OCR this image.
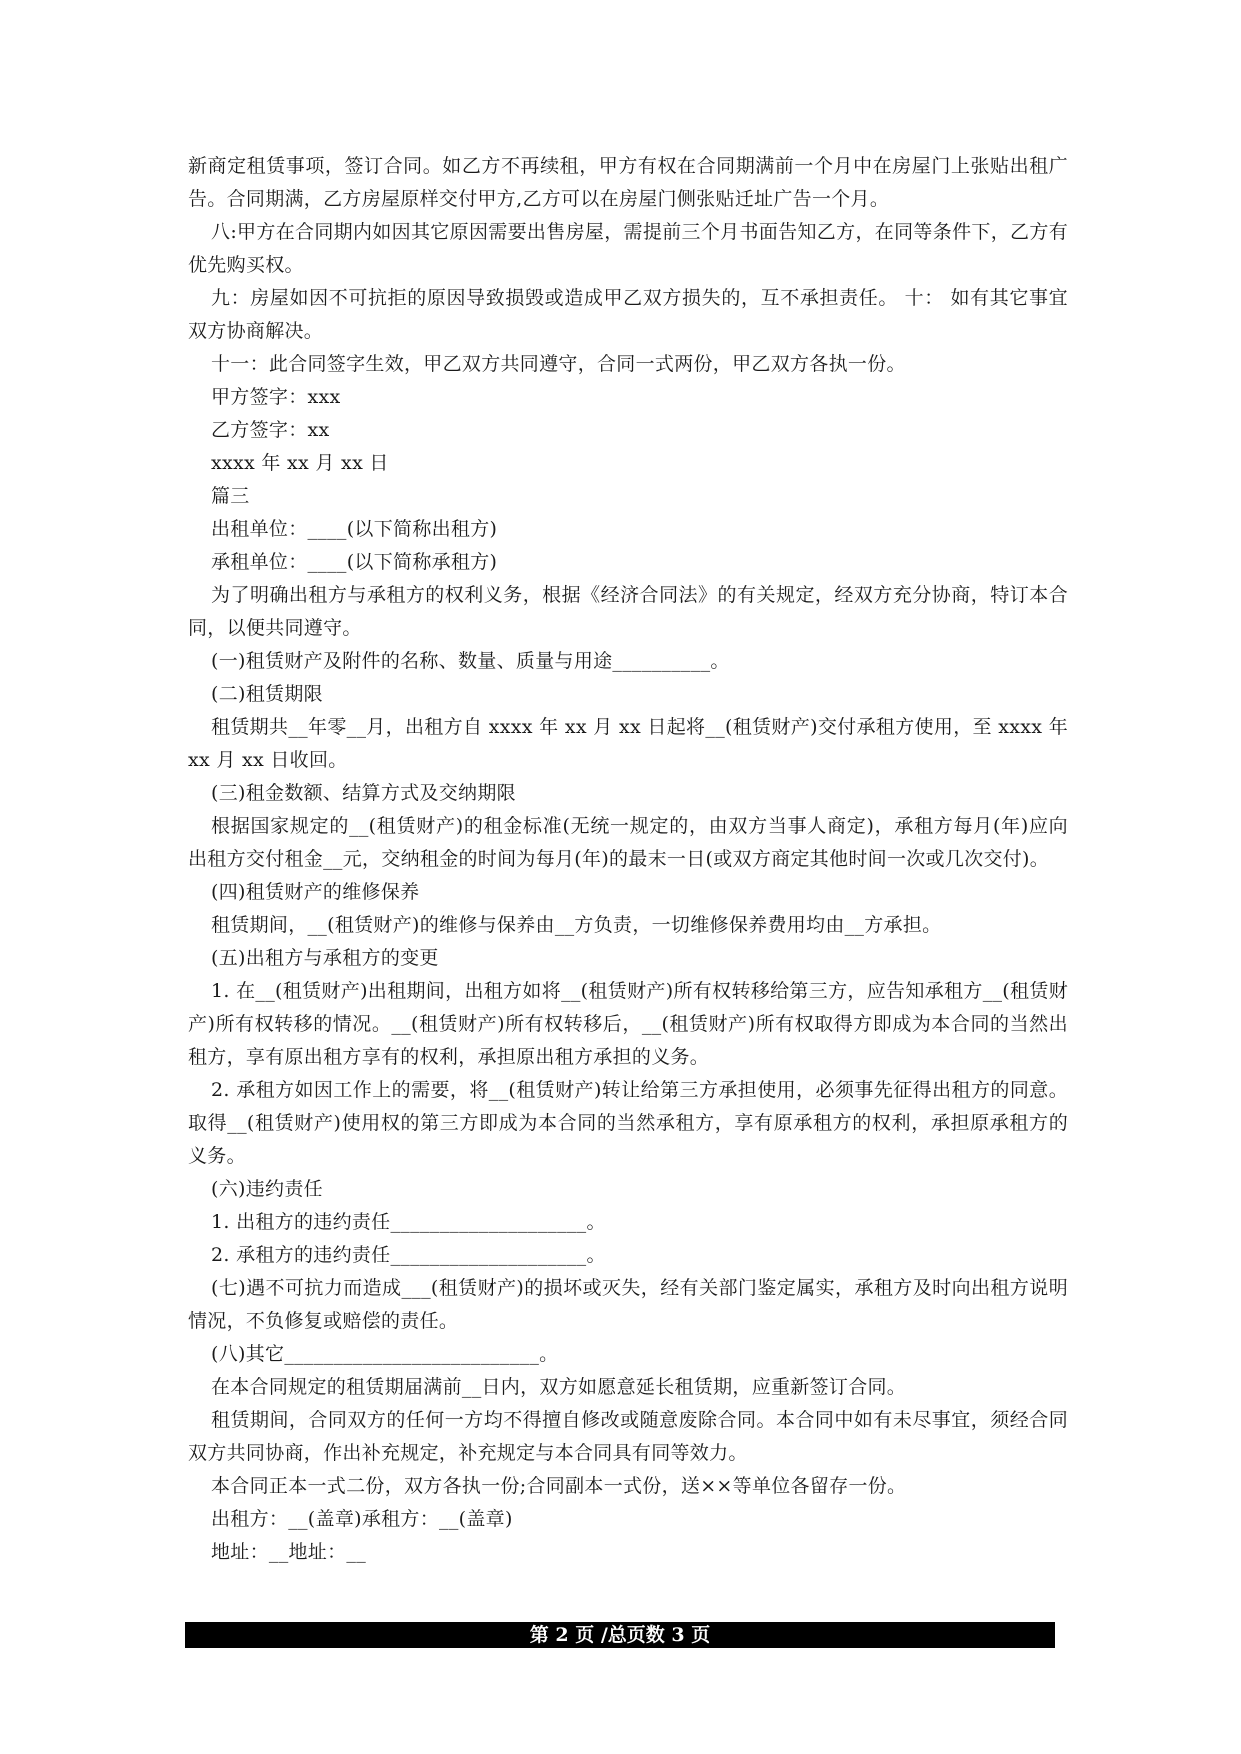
新商定租赁事项，签订合同。如乙方不再续租，甲方有权在合同期满前一个月中在房屋门上张贴出租广告。合同期满，乙方房屋原样交付甲方,乙方可以在房屋门侧张贴迁址广告一个月。

八:甲方在合同期内如因其它原因需要出售房屋，需提前三个月书面告知乙方，在同等条件下，乙方有优先购买权。

九：房屋如因不可抗拒的原因导致损毁或造成甲乙双方损失的，互不承担责任。 十： 如有其它事宜双方协商解决。

十一：此合同签字生效，甲乙双方共同遵守，合同一式两份，甲乙双方各执一份。

甲方签字：xxx

乙方签字：xx

xxxx 年 xx 月 xx 日

篇三

出租单位：____(以下简称出租方)

承租单位：____(以下简称承租方)

为了明确出租方与承租方的权利义务，根据《经济合同法》的有关规定，经双方充分协商，特订本合同，以便共同遵守。

(一)租赁财产及附件的名称、数量、质量与用途__________。

(二)租赁期限

租赁期共__年零__月，出租方自 xxxx 年 xx 月 xx 日起将__(租赁财产)交付承租方使用，至 xxxx 年 xx 月 xx 日收回。

(三)租金数额、结算方式及交纳期限

根据国家规定的__(租赁财产)的租金标准(无统一规定的，由双方当事人商定)，承租方每月(年)应向出租方交付租金__元，交纳租金的时间为每月(年)的最末一日(或双方商定其他时间一次或几次交付)。

(四)租赁财产的维修保养

租赁期间，__(租赁财产)的维修与保养由__方负责，一切维修保养费用均由__方承担。

(五)出租方与承租方的变更

1. 在__(租赁财产)出租期间，出租方如将__(租赁财产)所有权转移给第三方，应告知承租方__(租赁财产)所有权转移的情况。__(租赁财产)所有权转移后，__(租赁财产)所有权取得方即成为本合同的当然出租方，享有原出租方享有的权利，承担原出租方承担的义务。

2. 承租方如因工作上的需要，将__(租赁财产)转让给第三方承担使用，必须事先征得出租方的同意。取得__(租赁财产)使用权的第三方即成为本合同的当然承租方，享有原承租方的权利，承担原承租方的义务。

(六)违约责任

1. 出租方的违约责任____________________。

2. 承租方的违约责任____________________。

(七)遇不可抗力而造成___(租赁财产)的损坏或灭失，经有关部门鉴定属实，承租方及时向出租方说明情况，不负修复或赔偿的责任。

(八)其它__________________________。

在本合同规定的租赁期届满前__日内，双方如愿意延长租赁期，应重新签订合同。

租赁期间，合同双方的任何一方均不得擅自修改或随意废除合同。本合同中如有未尽事宜，须经合同双方共同协商，作出补充规定，补充规定与本合同具有同等效力。

本合同正本一式二份，双方各执一份;合同副本一式份，送××等单位各留存一份。

出租方：__(盖章)承租方：__(盖章)

地址：__地址：__

第 2 页 /总页数 3 页
